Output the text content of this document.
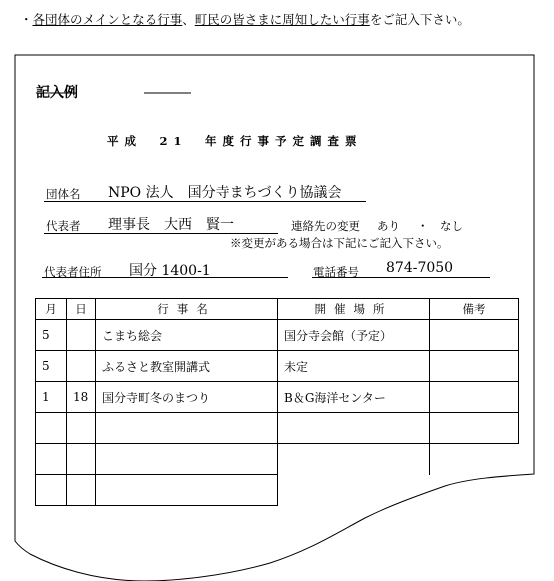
・各団体のメインとなる行事、町民の皆さまに周知したい行事をご記入下さい。
記入例
平成　21　年度行事予定調査票
団体名 NPO 法人　国分寺まちづくり協議会
代表者 理事長　大西　賢一	連絡先の変更 あり ・ なし
※変更がある場合は下記にご記入下さい。
代表者住所 国分 1400-1	電話番号 874-7050
月	日	行事名	開催場所	備考
5		こまち総会	国分寺会館（予定）	
5		ふるさと教室開講式	未定	
1	18	国分寺町冬のまつり	B＆G海洋センター	
